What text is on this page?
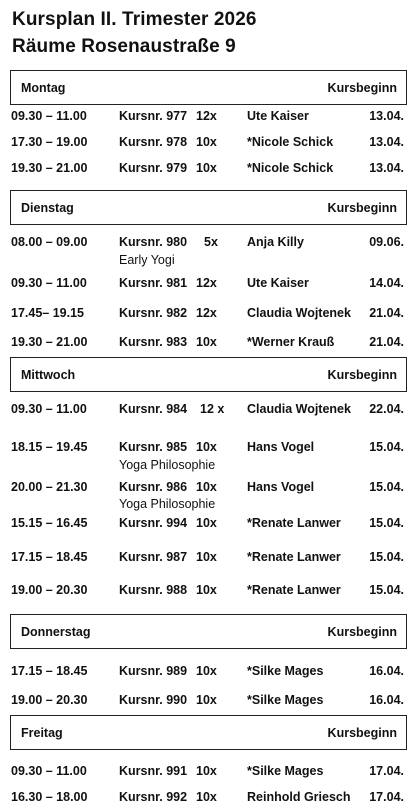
Kursplan II. Trimester 2026
Räume Rosenaustraße 9
Montag	Kursbeginn
09.30 – 11.00	Kursnr. 977 12x Ute Kaiser	13.04.
17.30 – 19.00	Kursnr. 978 10x *Nicole Schick	13.04.
19.30 – 21.00	Kursnr. 979 10x *Nicole Schick	13.04.
Dienstag	Kursbeginn
08.00 – 09.00	Kursnr. 980 5x Anja Killy	09.06.
Early Yogi
09.30 – 11.00	Kursnr. 981 12x Ute Kaiser	14.04.
17.45– 19.15	Kursnr. 982 12x Claudia Wojtenek 21.04.
19.30 – 21.00	Kursnr. 983 10x *Werner Krauß	21.04.
Mittwoch	Kursbeginn
09.30 – 11.00	Kursnr. 984 12 x Claudia Wojtenek 22.04.
18.15 – 19.45	Kursnr. 985 10x Hans Vogel	15.04.
Yoga Philosophie
20.00 – 21.30	Kursnr. 986 10x Hans Vogel	15.04.
Yoga Philosophie
15.15 – 16.45	Kursnr. 994 10x *Renate Lanwer 15.04.
17.15 – 18.45	Kursnr. 987 10x *Renate Lanwer 15.04.
19.00 – 20.30	Kursnr. 988 10x *Renate Lanwer 15.04.
Donnerstag	Kursbeginn
17.15 – 18.45	Kursnr. 989 10x *Silke Mages	16.04.
19.00 – 20.30	Kursnr. 990 10x *Silke Mages	16.04.
Freitag	Kursbeginn
09.30 – 11.00	Kursnr. 991 10x *Silke Mages	17.04.
16.30 – 18.00	Kursnr. 992 10x Reinhold Griesch 17.04.
